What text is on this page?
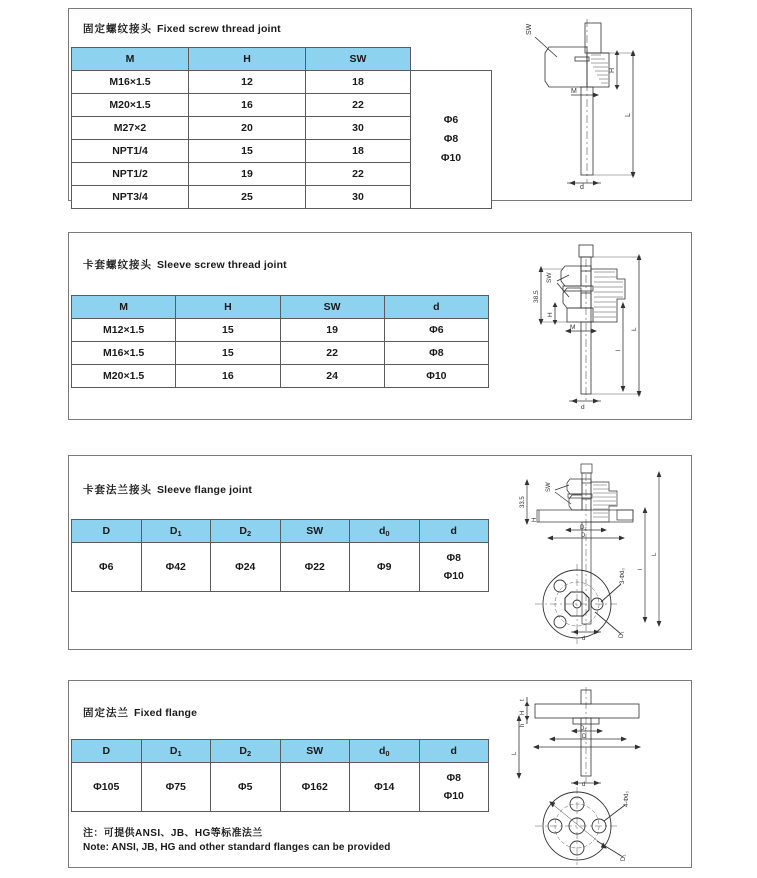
固定螺纹接头 Fixed screw thread joint
M	H	SW	
M16×1.5	12	18	Φ6
Φ8
Φ10

M20×1.5	16	22	
M27×2	20	30	
NPT1/4	15	18	
NPT1/2	19	22	
NPT3/4	25	30	
SW
H
L
M
d
卡套螺纹接头 Sleeve screw thread joint
M	H	SW	d
M12×1.5	15	19	Φ6
M16×1.5	15	22	Φ8
M20×1.5	16	24	Φ10
SW
38.5
H
M
l
L
d
卡套法兰接头 Sleeve flange joint
D	$D_1$	$D_2$	SW	$d_0$	d
Φ6	Φ42	Φ24	Φ22	Φ9	Φ8
Φ10
SW
33.5
H
D₂
D
l
L
d
3-Φd₀
D₁
固定法兰 Fixed flange
D	$D_1$	$D_2$	SW	$d_0$	d
Φ105	Φ75	Φ5	Φ162	Φ14	Φ8
Φ10
注：可提供ANSI、JB、HG等标准法兰
Note: ANSI, JB, HG and other standard flanges can be provided
t
H
h
D₂
D
L
d
4-Φd₀
D₁
